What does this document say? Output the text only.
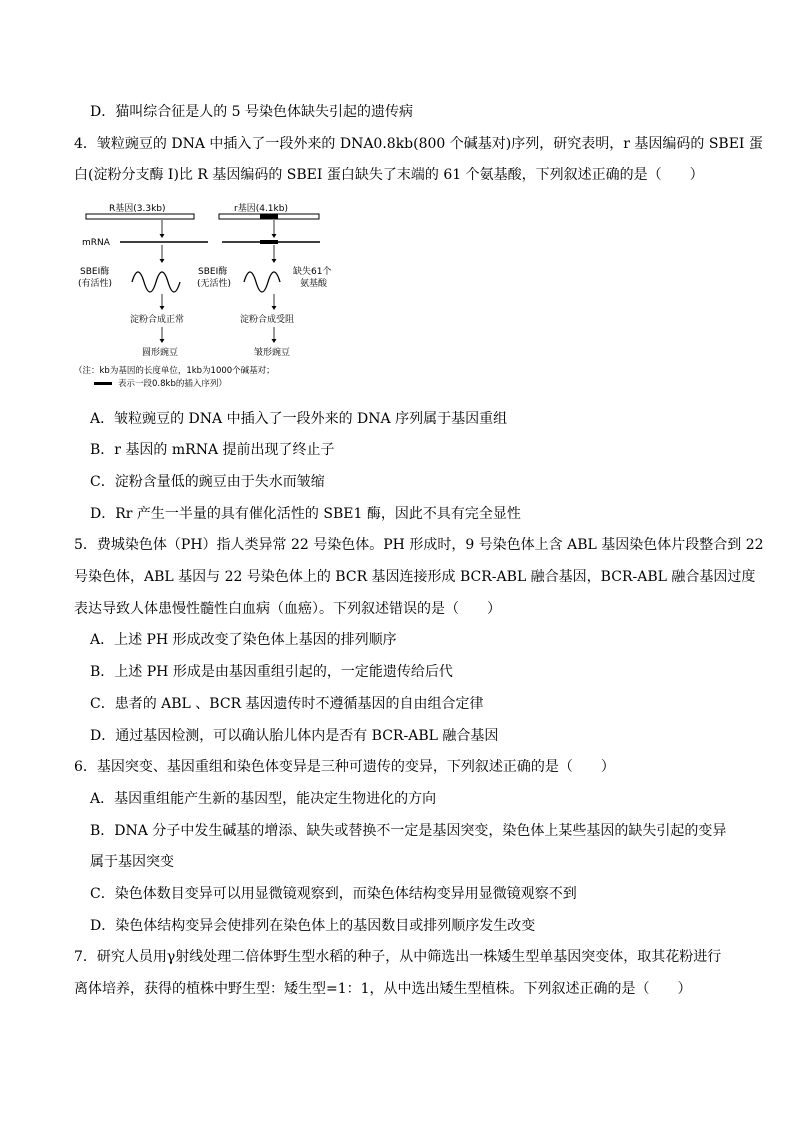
D．猫叫综合征是人的 5 号染色体缺失引起的遗传病
4．皱粒豌豆的 DNA 中插入了一段外来的 DNA0.8kb(800 个碱基对)序列，研究表明，r 基因编码的 SBEI 蛋
白(淀粉分支酶 I)比 R 基因编码的 SBEI 蛋白缺失了末端的 61 个氨基酸，下列叙述正确的是（　　）
R基因(3.3kb)	r基因(4.1kb)
mRNA
SBEI酶
(有活性)
SBEI酶
(无活性)
缺失61个
氨基酸
淀粉合成正常	淀粉合成受阻
圆形豌豆	皱形豌豆
（注：kb为基因的长度单位，1kb为1000个碱基对；
表示一段0.8kb的插入序列）
A．皱粒豌豆的 DNA 中插入了一段外来的 DNA 序列属于基因重组
B．r 基因的 mRNA 提前出现了终止子
C．淀粉含量低的豌豆由于失水而皱缩
D．Rr 产生一半量的具有催化活性的 SBE1 酶，因此不具有完全显性
5．费城染色体（PH）指人类异常 22 号染色体。PH 形成时，9 号染色体上含 ABL 基因染色体片段整合到 22
号染色体，ABL 基因与 22 号染色体上的 BCR 基因连接形成 BCR-ABL 融合基因，BCR-ABL 融合基因过度
表达导致人体患慢性髓性白血病（血癌）。下列叙述错误的是（　　）
A．上述 PH 形成改变了染色体上基因的排列顺序
B．上述 PH 形成是由基因重组引起的，一定能遗传给后代
C．患者的 ABL 、BCR 基因遗传时不遵循基因的自由组合定律
D．通过基因检测，可以确认胎儿体内是否有 BCR-ABL 融合基因
6．基因突变、基因重组和染色体变异是三种可遗传的变异，下列叙述正确的是（　　）
A．基因重组能产生新的基因型，能决定生物进化的方向
B．DNA 分子中发生碱基的增添、缺失或替换不一定是基因突变，染色体上某些基因的缺失引起的变异
属于基因突变
C．染色体数目变异可以用显微镜观察到，而染色体结构变异用显微镜观察不到
D．染色体结构变异会使排列在染色体上的基因数目或排列顺序发生改变
7．研究人员用γ射线处理二倍体野生型水稻的种子，从中筛选出一株矮生型单基因突变体，取其花粉进行
离体培养，获得的植株中野生型：矮生型=1：1，从中选出矮生型植株。下列叙述正确的是（　　）
